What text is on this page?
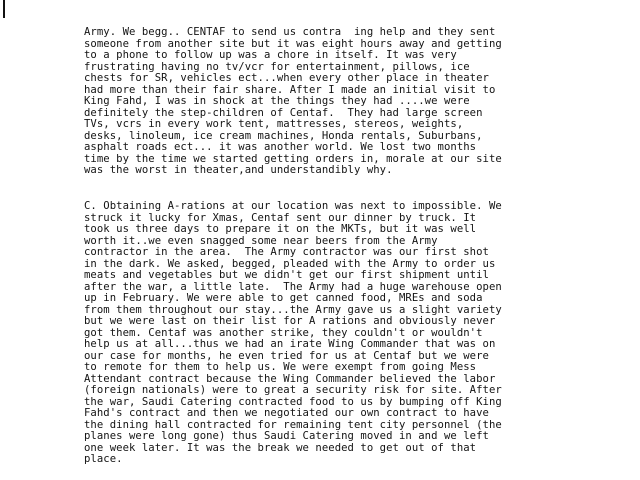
Army. We begg.. CENTAF to send us contra  ing help and they sent
someone from another site but it was eight hours away and getting
to a phone to follow up was a chore in itself. It was very
frustrating having no tv/vcr for entertainment, pillows, ice
chests for SR, vehicles ect...when every other place in theater
had more than their fair share. After I made an initial visit to
King Fahd, I was in shock at the things they had ....we were
definitely the step-children of Centaf.  They had large screen
TVs, vcrs in every work tent, mattresses, stereos, weights,
desks, linoleum, ice cream machines, Honda rentals, Suburbans,
asphalt roads ect... it was another world. We lost two months
time by the time we started getting orders in, morale at our site
was the worst in theater,and understandibly why.
C. Obtaining A-rations at our location was next to impossible. We
struck it lucky for Xmas, Centaf sent our dinner by truck. It
took us three days to prepare it on the MKTs, but it was well
worth it..we even snagged some near beers from the Army
contractor in the area.  The Army contractor was our first shot
in the dark. We asked, begged, pleaded with the Army to order us
meats and vegetables but we didn't get our first shipment until
after the war, a little late.  The Army had a huge warehouse open
up in February. We were able to get canned food, MREs and soda
from them throughout our stay...the Army gave us a slight variety
but we were last on their list for A rations and obviously never
got them. Centaf was another strike, they couldn't or wouldn't
help us at all...thus we had an irate Wing Commander that was on
our case for months, he even tried for us at Centaf but we were
to remote for them to help us. We were exempt from going Mess
Attendant contract because the Wing Commander believed the labor
(foreign nationals) were to great a security risk for site. After
the war, Saudi Catering contracted food to us by bumping off King
Fahd's contract and then we negotiated our own contract to have
the dining hall contracted for remaining tent city personnel (the
planes were long gone) thus Saudi Catering moved in and we left
one week later. It was the break we needed to get out of that
place.
